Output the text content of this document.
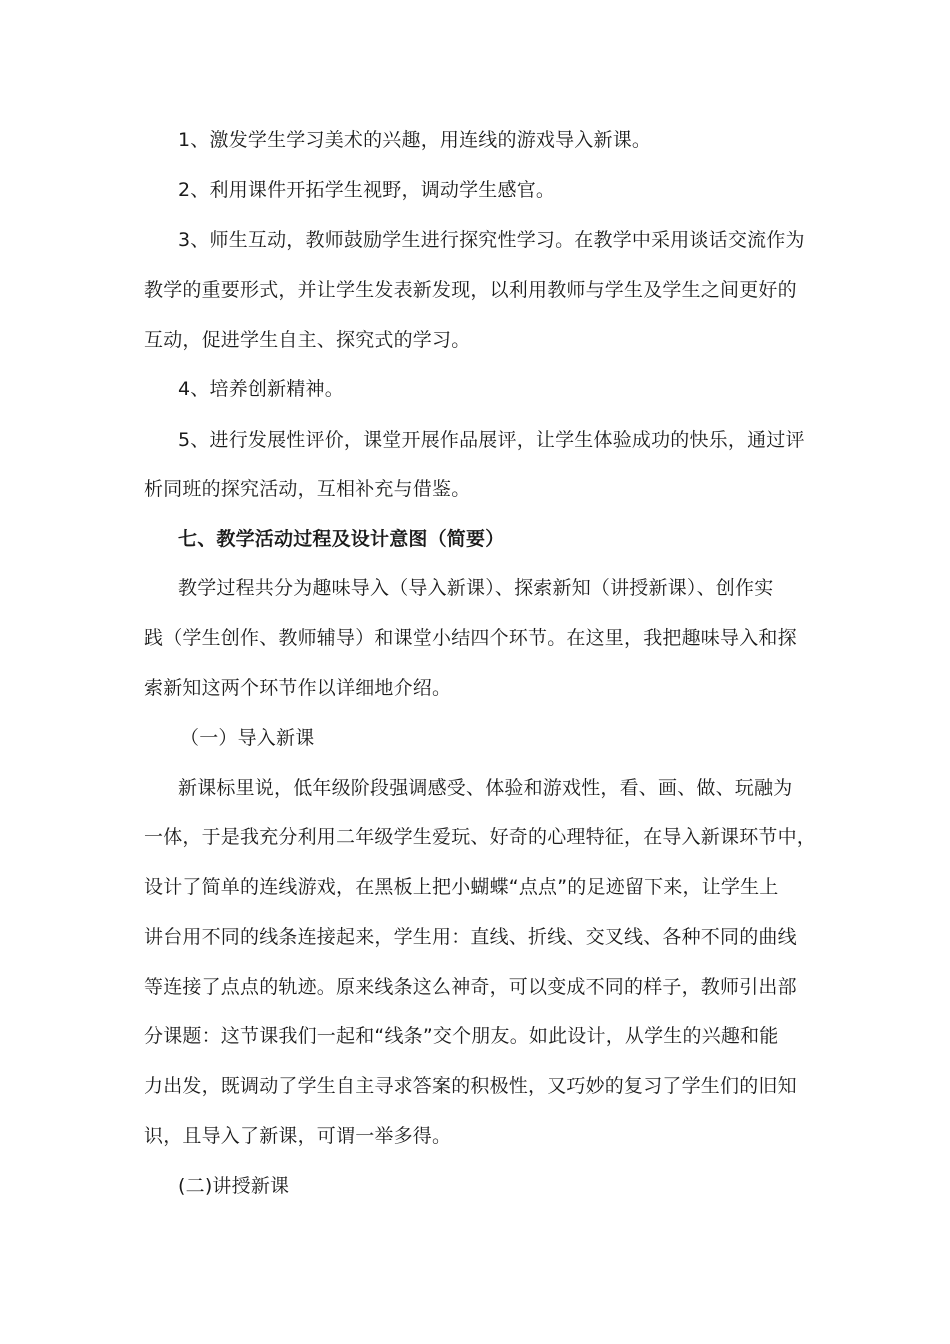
1、激发学生学习美术的兴趣，用连线的游戏导入新课。
2、利用课件开拓学生视野，调动学生感官。
3、师生互动，教师鼓励学生进行探究性学习。在教学中采用谈话交流作为
教学的重要形式，并让学生发表新发现，以利用教师与学生及学生之间更好的
互动，促进学生自主、探究式的学习。
4、培养创新精神。
5、进行发展性评价，课堂开展作品展评，让学生体验成功的快乐，通过评
析同班的探究活动，互相补充与借鉴。
七、教学活动过程及设计意图（简要）
教学过程共分为趣味导入（导入新课）、探索新知（讲授新课）、创作实
践（学生创作、教师辅导）和课堂小结四个环节。在这里，我把趣味导入和探
索新知这两个环节作以详细地介绍。
（一）导入新课
新课标里说，低年级阶段强调感受、体验和游戏性，看、画、做、玩融为
一体，于是我充分利用二年级学生爱玩、好奇的心理特征，在导入新课环节中，
设计了简单的连线游戏，在黑板上把小蝴蝶“点点”的足迹留下来，让学生上
讲台用不同的线条连接起来，学生用：直线、折线、交叉线、各种不同的曲线
等连接了点点的轨迹。原来线条这么神奇，可以变成不同的样子，教师引出部
分课题：这节课我们一起和“线条”交个朋友。如此设计，从学生的兴趣和能
力出发，既调动了学生自主寻求答案的积极性，又巧妙的复习了学生们的旧知
识，且导入了新课，可谓一举多得。
(二)讲授新课
